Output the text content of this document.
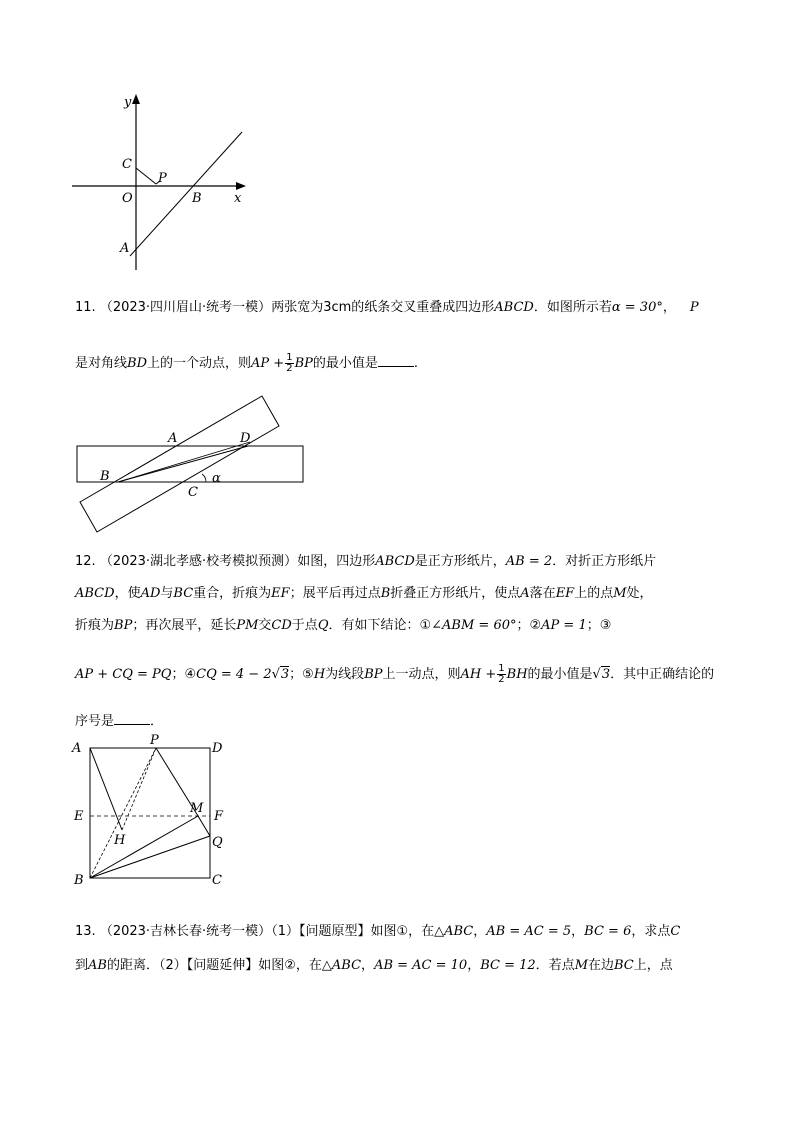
y
x
C
P
O	B
A
11. （2023·四川眉山·统考一模）两张宽为3cm的纸条交叉重叠成四边形ABCD．如图所示若α = 30°， P
是对角线BD上的一个动点，则AP + $\frac{1}{2}$ BP的最小值是	.
A	D
B
C
α
12. （2023·湖北孝感·校考模拟预测）如图，四边形ABCD是正方形纸片，AB = 2．对折正方形纸片
ABCD，使AD与BC重合，折痕为EF；展平后再过点B折叠正方形纸片，使点A落在EF上的点M处，
折痕为BP；再次展平，延长PM交CD于点Q．有如下结论：①∠ABM = 60°；②AP = 1；③
AP + CQ = PQ；④CQ = 4 − 2√3；⑤H为线段BP上一动点，则AH + $\frac{1}{2}$ BH的最小值是√3．其中正确结论的
序号是	．
A
P
D
E
M
F
H	Q
B	C
13. （2023·吉林长春·统考一模）（1）【问题原型】如图①，在△ABC，AB = AC = 5，BC = 6，求点C
到AB的距离．（2）【问题延伸】如图②，在△ABC，AB = AC = 10，BC = 12．若点M在边BC上，点
